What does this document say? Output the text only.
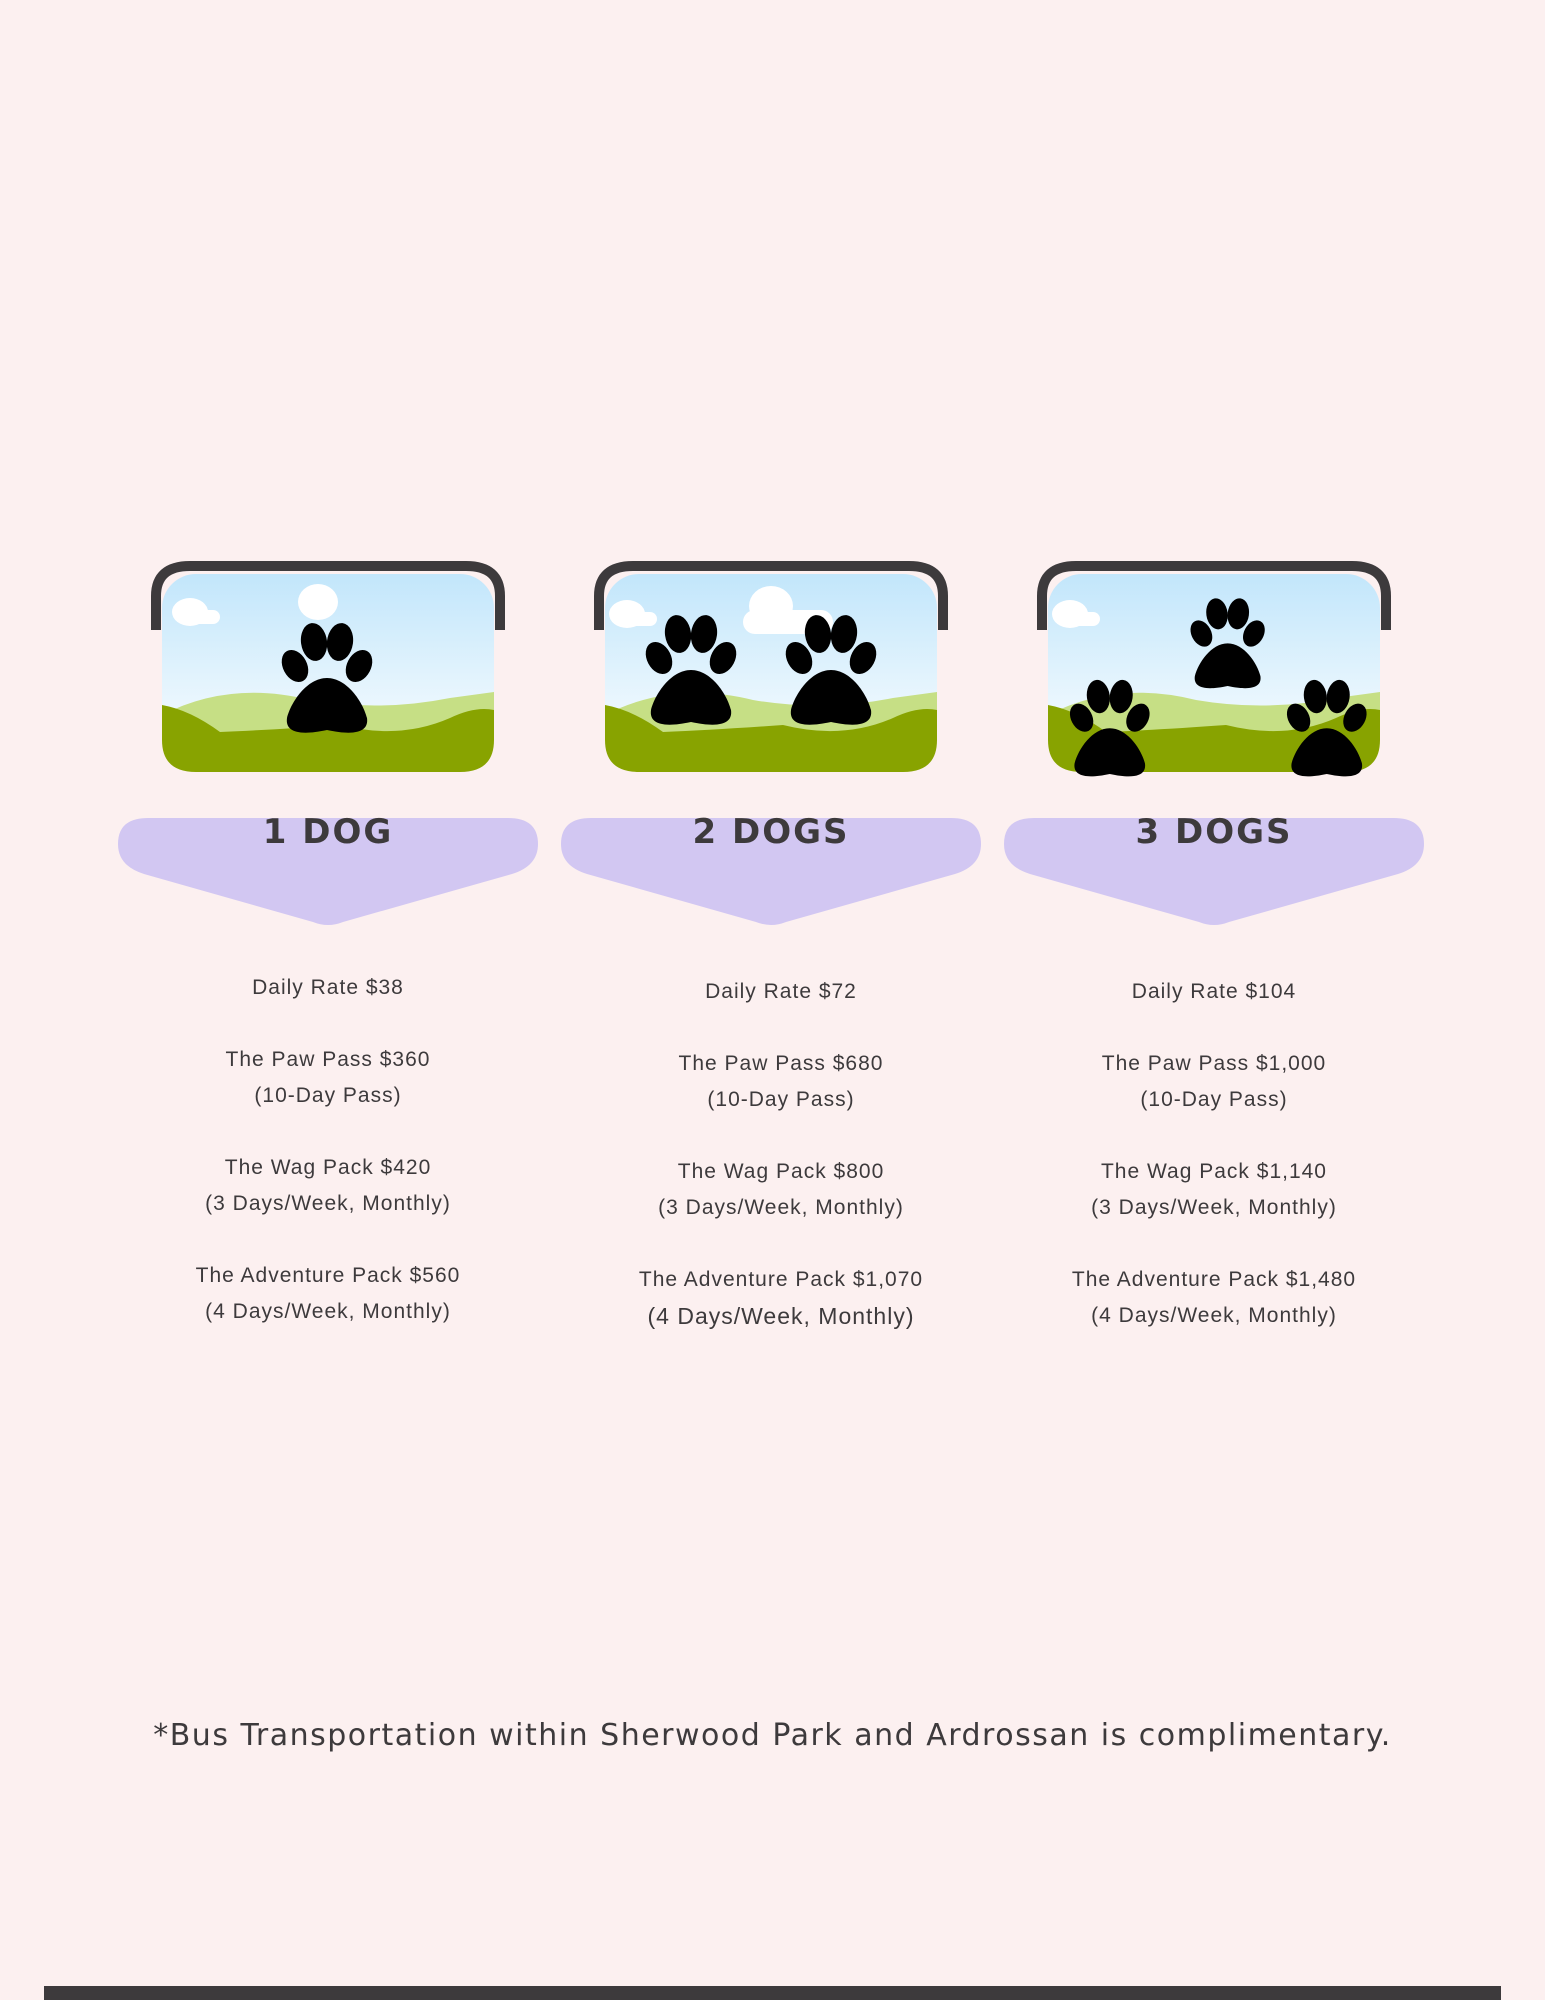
1 DOG
Daily Rate $38
The Paw Pass $360
(10-Day Pass)
The Wag Pack $420
(3 Days/Week, Monthly)
The Adventure Pack $560
(4 Days/Week, Monthly)
2 DOGS
Daily Rate $72
The Paw Pass $680
(10-Day Pass)
The Wag Pack $800
(3 Days/Week, Monthly)
The Adventure Pack $1,070
(4 Days/Week, Monthly)
3 DOGS
Daily Rate $104
The Paw Pass $1,000
(10-Day Pass)
The Wag Pack $1,140
(3 Days/Week, Monthly)
The Adventure Pack $1,480
(4 Days/Week, Monthly)
*Bus Transportation within Sherwood Park and Ardrossan is complimentary.
